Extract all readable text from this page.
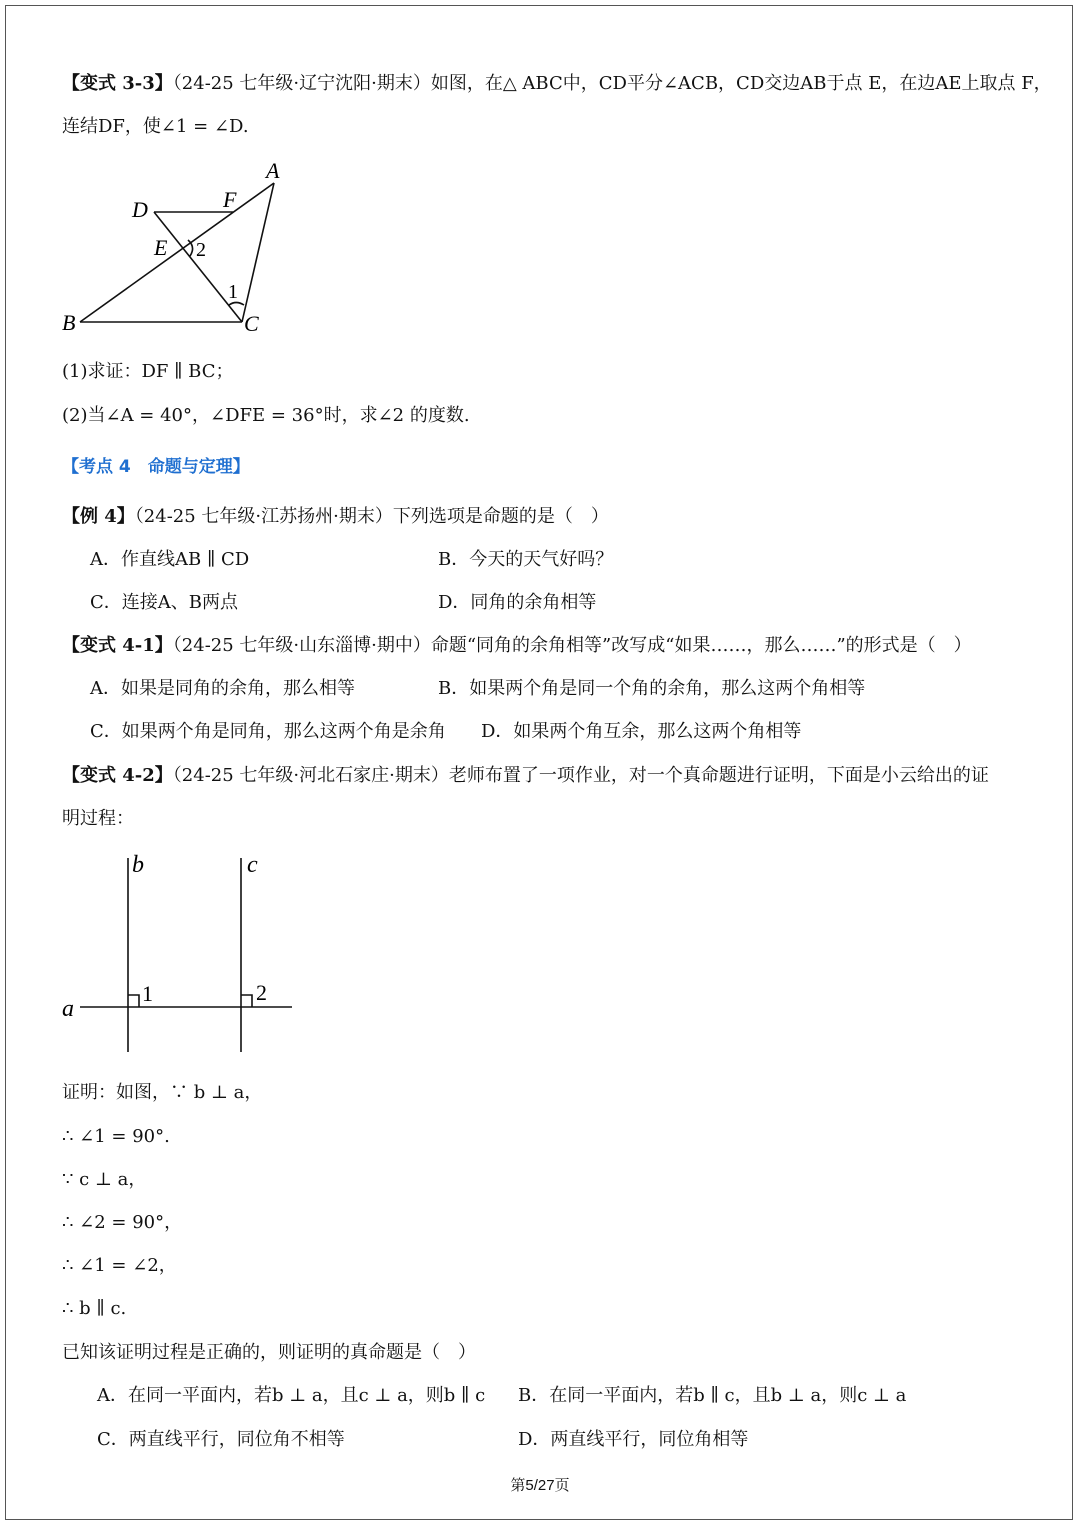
【变式 3-3】（24-25 七年级·辽宁沈阳·期末）如图，在△ ABC中，CD平分∠ACB，CD交边AB于点 E，在边AE上取点 F，
连结DF，使∠1 = ∠D.
A
B	C
D
E
F
1
2
(1)求证：DF ∥ BC；
(2)当∠A = 40°，∠DFE = 36°时，求∠2 的度数.
【考点 4　命题与定理】
【例 4】（24-25 七年级·江苏扬州·期末）下列选项是命题的是（　）
A．作直线AB ∥ CD	B．今天的天气好吗？
C．连接A、B两点	D．同角的余角相等
【变式 4-1】（24-25 七年级·山东淄博·期中）命题“同角的余角相等”改写成“如果……，那么……”的形式是（　）
A．如果是同角的余角，那么相等	B．如果两个角是同一个角的余角，那么这两个角相等
C．如果两个角是同角，那么这两个角是余角 D．如果两个角互余，那么这两个角相等
【变式 4-2】（24-25 七年级·河北石家庄·期末）老师布置了一项作业，对一个真命题进行证明，下面是小云给出的证
明过程：
a
b	c
1	2
证明：如图，∵ b ⊥ a，
∴ ∠1 = 90°.
∵ c ⊥ a，
∴ ∠2 = 90°，
∴ ∠1 = ∠2，
∴ b ∥ c.
已知该证明过程是正确的，则证明的真命题是（　）
A．在同一平面内，若b ⊥ a，且c ⊥ a，则b ∥ c B．在同一平面内，若b ∥ c，且b ⊥ a，则c ⊥ a
C．两直线平行，同位角不相等	D．两直线平行，同位角相等
第5/27页
